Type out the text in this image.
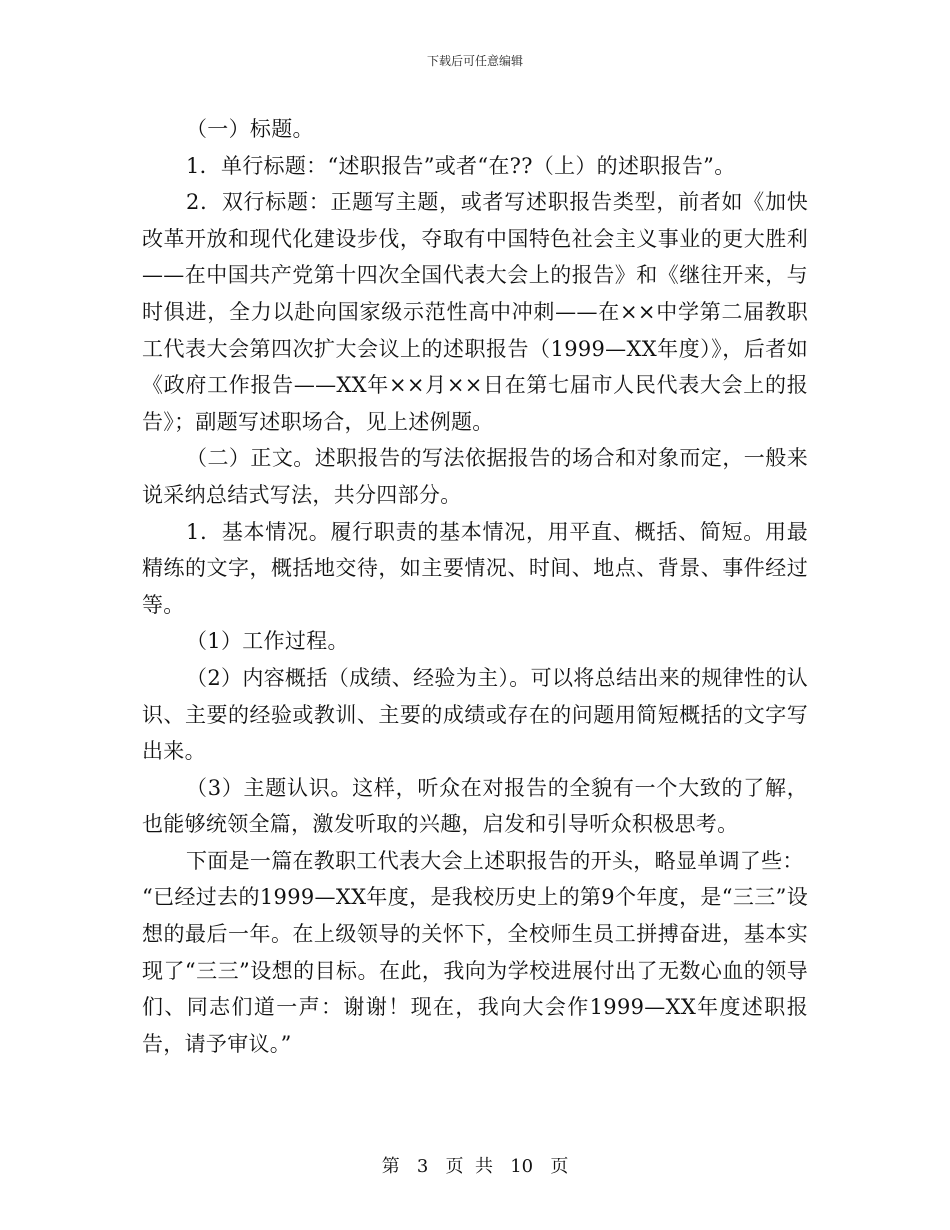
下载后可任意编辑

（一）标题。

1．单行标题：“述职报告”或者“在??（上）的述职报告”。

2．双行标题：正题写主题，或者写述职报告类型，前者如《加快改革开放和现代化建设步伐，夺取有中国特色社会主义事业的更大胜利——在中国共产党第十四次全国代表大会上的报告》和《继往开来，与时俱进，全力以赴向国家级示范性高中冲刺——在××中学第二届教职工代表大会第四次扩大会议上的述职报告（1999—XX年度）》，后者如《政府工作报告——XX年××月××日在第七届市人民代表大会上的报告》；副题写述职场合，见上述例题。

（二）正文。述职报告的写法依据报告的场合和对象而定，一般来说采纳总结式写法，共分四部分。

1．基本情况。履行职责的基本情况，用平直、概括、简短。用最精练的文字，概括地交待，如主要情况、时间、地点、背景、事件经过等。

（1）工作过程。

（2）内容概括（成绩、经验为主）。可以将总结出来的规律性的认识、主要的经验或教训、主要的成绩或存在的问题用简短概括的文字写出来。

（3）主题认识。这样，听众在对报告的全貌有一个大致的了解，也能够统领全篇，激发听取的兴趣，启发和引导听众积极思考。

下面是一篇在教职工代表大会上述职报告的开头，略显单调了些：

“已经过去的1999—XX年度，是我校历史上的第9个年度，是“三三”设想的最后一年。在上级领导的关怀下，全校师生员工拼搏奋进，基本实现了“三三”设想的目标。在此，我向为学校进展付出了无数心血的领导们、同志们道一声：谢谢！现在，我向大会作1999—XX年度述职报告，请予审议。”

第 3 页  共 10 页
